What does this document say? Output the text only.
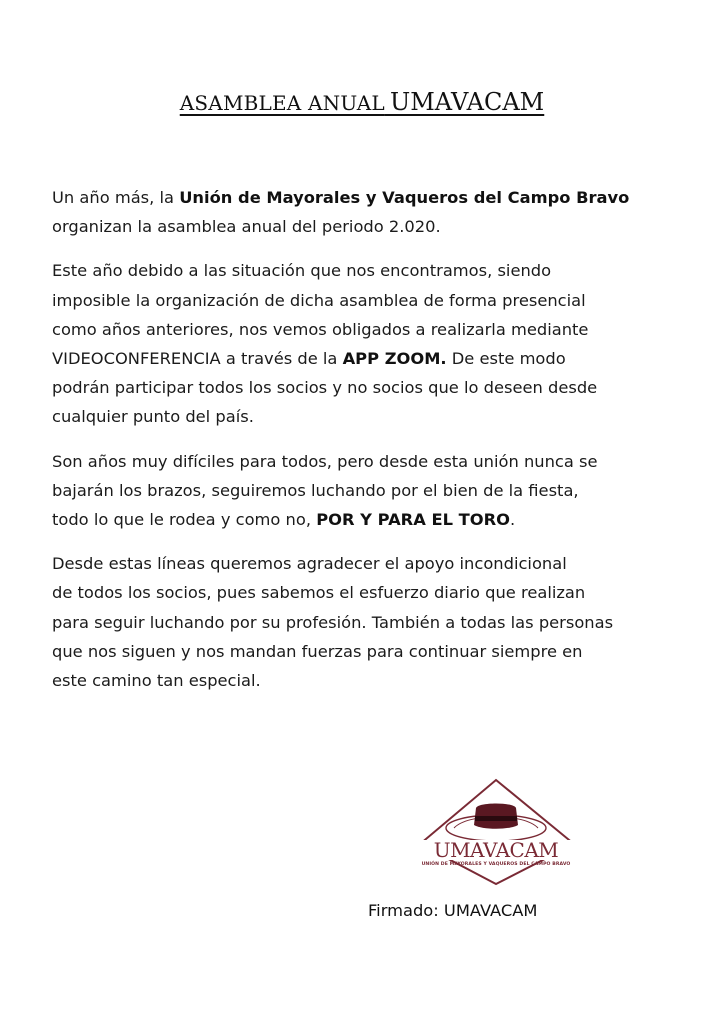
ASAMBLEA ANUAL UMAVACAM

Un año más, la Unión de Mayorales y Vaqueros del Campo Bravo
organizan la asamblea anual del periodo 2.020.

Este año debido a las situación que nos encontramos, siendo
imposible la organización de dicha asamblea de forma presencial
como años anteriores, nos vemos obligados a realizarla mediante
VIDEOCONFERENCIA a través de la APP ZOOM. De este modo
podrán participar todos los socios y no socios que lo deseen desde
cualquier punto del país.

Son años muy difíciles para todos, pero desde esta unión nunca se
bajarán los brazos, seguiremos luchando por el bien de la fiesta,
todo lo que le rodea y como no, POR Y PARA EL TORO.

Desde estas líneas queremos agradecer el apoyo incondicional
de todos los socios, pues sabemos el esfuerzo diario que realizan
para seguir luchando por su profesión. También a todas las personas
que nos siguen y nos mandan fuerzas para continuar siempre en
este camino tan especial.

UMAVACAM
UNIÓN DE MAYORALES Y VAQUEROS DEL CAMPO BRAVO
Firmado: UMAVACAM
